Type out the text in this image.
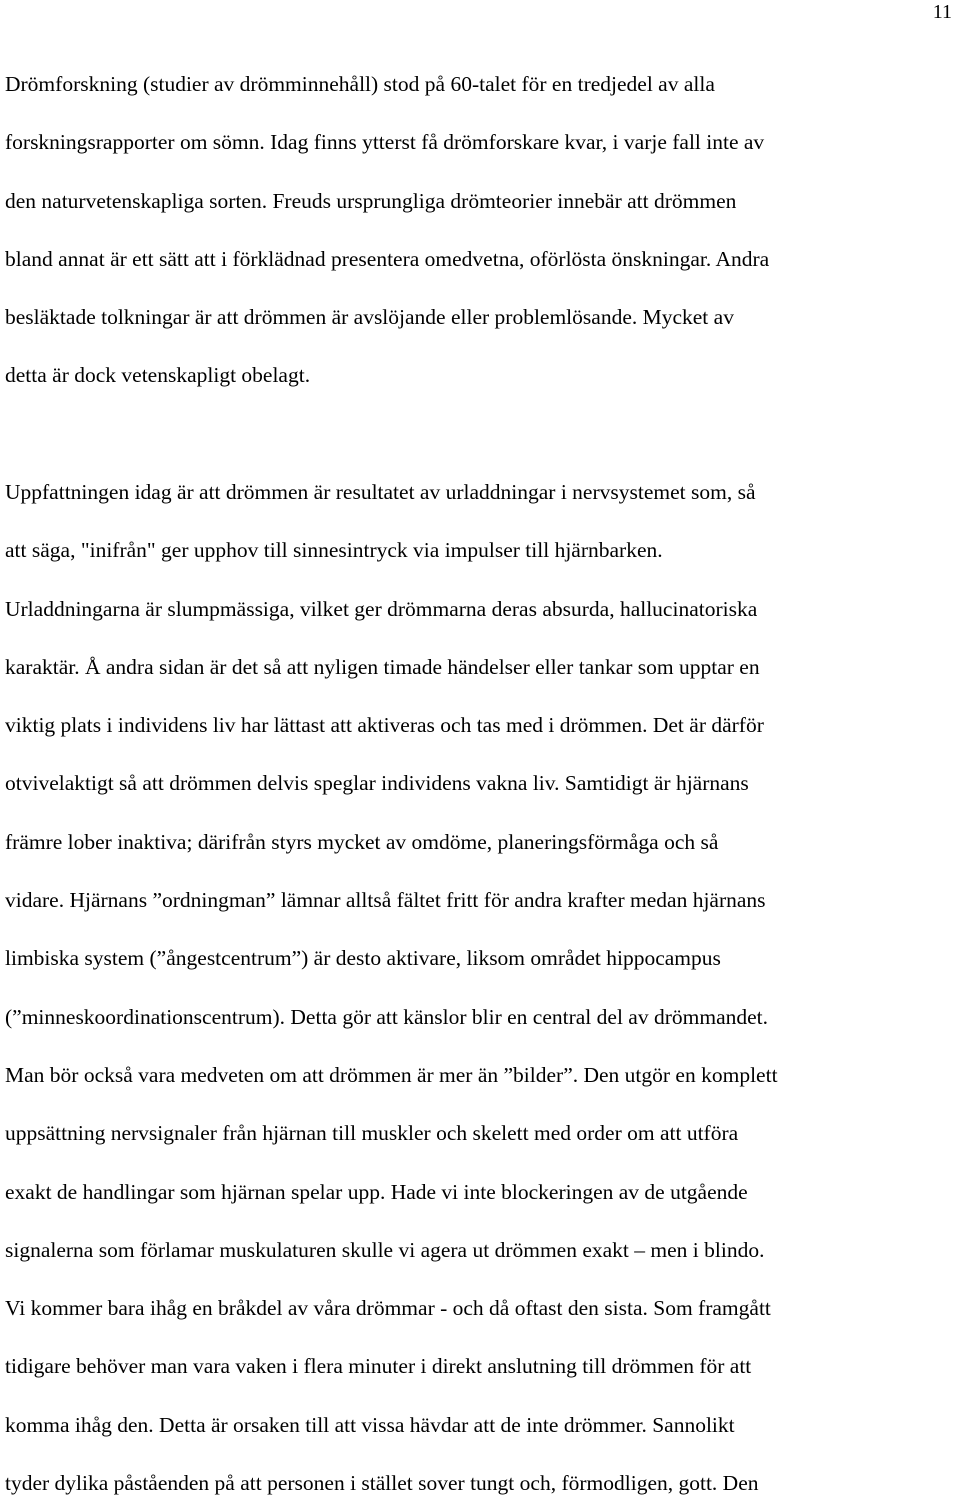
11
Drömforskning (studier av drömminnehåll) stod på 60-talet för en tredjedel av alla
forskningsrapporter om sömn. Idag finns ytterst få drömforskare kvar, i varje fall inte av
den naturvetenskapliga sorten. Freuds ursprungliga drömteorier innebär att drömmen
bland annat är ett sätt att i förklädnad presentera omedvetna, oförlösta önskningar. Andra
besläktade tolkningar är att drömmen är avslöjande eller problemlösande. Mycket av
detta är dock vetenskapligt obelagt.
Uppfattningen idag är att drömmen är resultatet av urladdningar i nervsystemet som, så
att säga, "inifrån" ger upphov till sinnesintryck via impulser till hjärnbarken.
Urladdningarna är slumpmässiga, vilket ger drömmarna deras absurda, hallucinatoriska
karaktär. Å andra sidan är det så att nyligen timade händelser eller tankar som upptar en
viktig plats i individens liv har lättast att aktiveras och tas med i drömmen. Det är därför
otvivelaktigt så att drömmen delvis speglar individens vakna liv. Samtidigt är hjärnans
främre lober inaktiva; därifrån styrs mycket av omdöme, planeringsförmåga och så
vidare. Hjärnans ”ordningman” lämnar alltså fältet fritt för andra krafter medan hjärnans
limbiska system (”ångestcentrum”) är desto aktivare, liksom området hippocampus
(”minneskoordinationscentrum). Detta gör att känslor blir en central del av drömmandet.
Man bör också vara medveten om att drömmen är mer än ”bilder”. Den utgör en komplett
uppsättning nervsignaler från hjärnan till muskler och skelett med order om att utföra
exakt de handlingar som hjärnan spelar upp. Hade vi inte blockeringen av de utgående
signalerna som förlamar muskulaturen skulle vi agera ut drömmen exakt – men i blindo.
Vi kommer bara ihåg en bråkdel av våra drömmar - och då oftast den sista. Som framgått
tidigare behöver man vara vaken i flera minuter i direkt anslutning till drömmen för att
komma ihåg den. Detta är orsaken till att vissa hävdar att de inte drömmer. Sannolikt
tyder dylika påståenden på att personen i stället sover tungt och, förmodligen, gott. Den
